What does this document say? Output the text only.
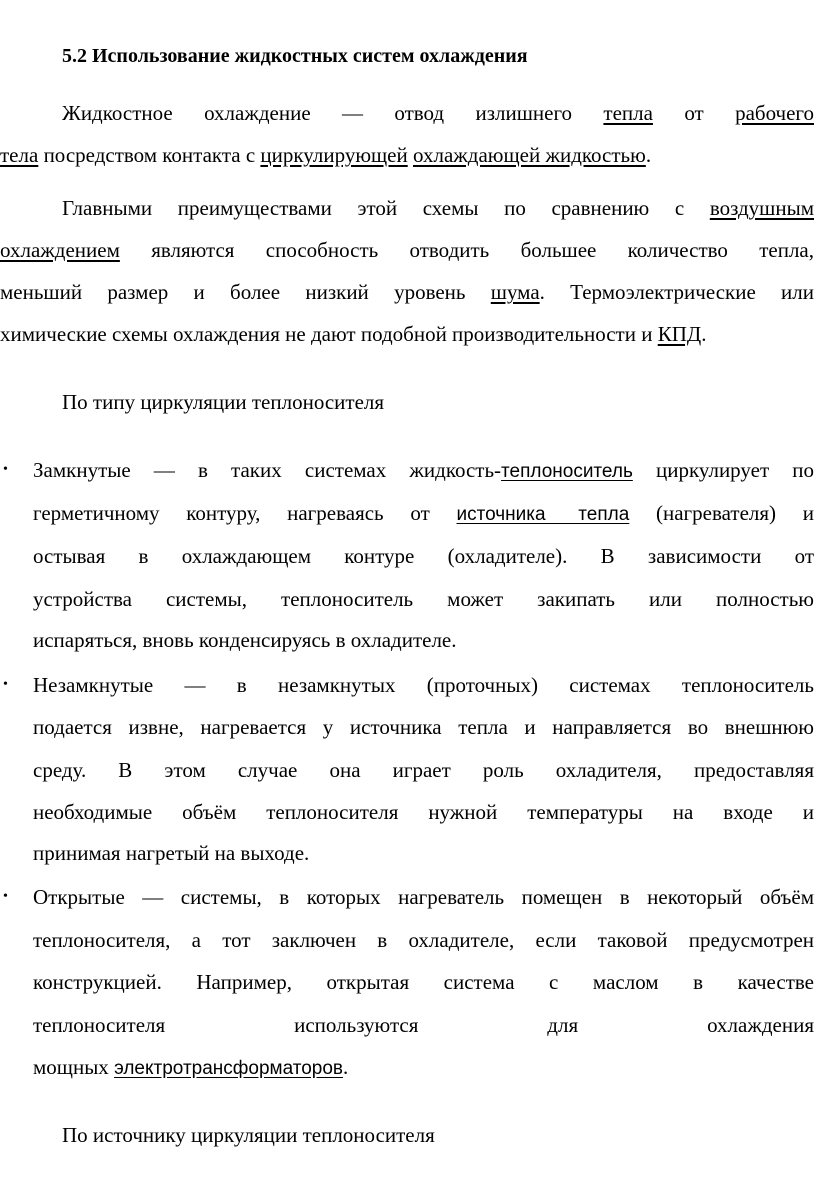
5.2 Использование жидкостных систем охлаждения
Жидкостное охлаждение — отвод излишнего тепла от рабочего
тела посредством контакта с циркулирующей охлаждающей жидкостью.
Главными преимуществами этой схемы по сравнению с воздушным
охлаждением являются способность отводить большее количество тепла,
меньший размер и более низкий уровень шума. Термоэлектрические или
химические схемы охлаждения не дают подобной производительности и КПД.
По типу циркуляции теплоносителя
• Замкнутые — в таких системах жидкость-теплоноситель циркулирует по
герметичному контуру, нагреваясь от источника тепла (нагревателя) и
остывая в охлаждающем контуре (охладителе). В зависимости от
устройства системы, теплоноситель может закипать или полностью
испаряться, вновь конденсируясь в охладителе.
• Незамкнутые — в незамкнутых (проточных) системах теплоноситель
подается извне, нагревается у источника тепла и направляется во внешнюю
среду. В этом случае она играет роль охладителя, предоставляя
необходимые объём теплоносителя нужной температуры на входе и
принимая нагретый на выходе.
• Открытые — системы, в которых нагреватель помещен в некоторый объём
теплоносителя, а тот заключен в охладителе, если таковой предусмотрен
конструкцией. Например, открытая система с маслом в качестве
теплоносителя используются для охлаждения
мощных электротрансформаторов.
По источнику циркуляции теплоносителя
